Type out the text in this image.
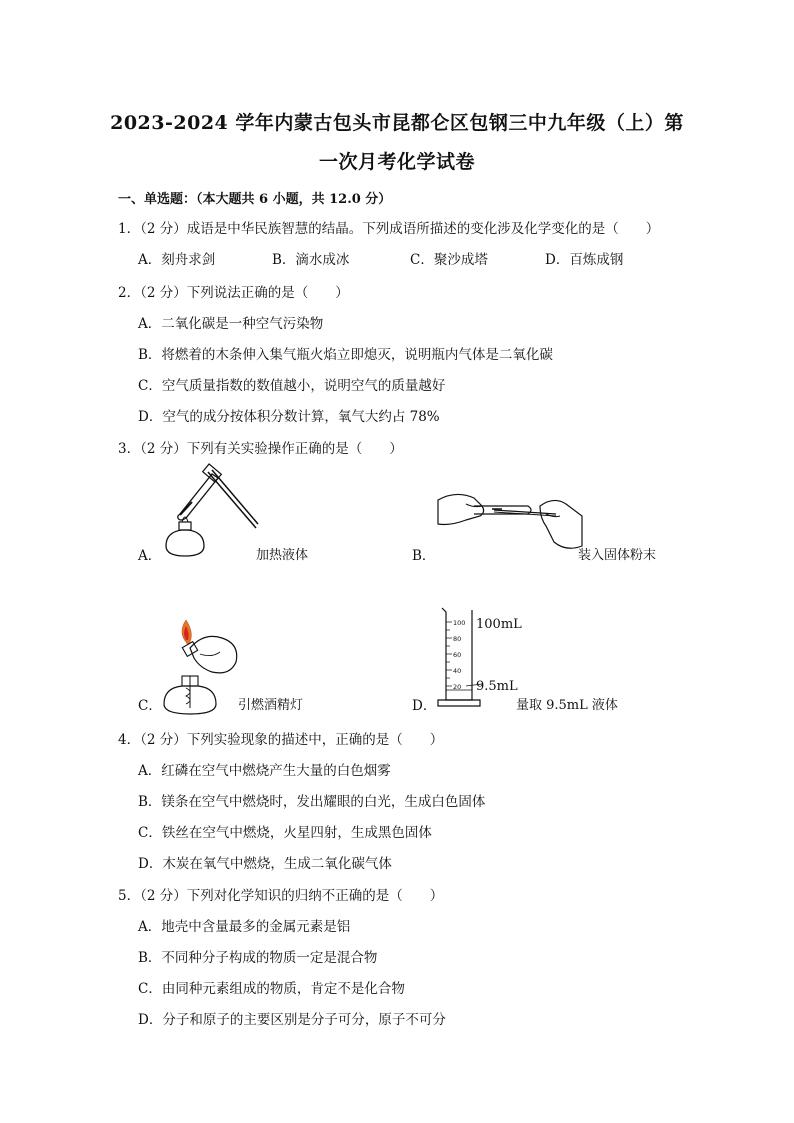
2023-2024 学年内蒙古包头市昆都仑区包钢三中九年级（上）第
一次月考化学试卷
一、单选题：（本大题共 6 小题，共 12.0 分）
1．（2 分）成语是中华民族智慧的结晶。下列成语所描述的变化涉及化学变化的是（　　）
A．刻舟求剑	B．滴水成冰	C．聚沙成塔	D．百炼成钢
2．（2 分）下列说法正确的是（　　）
A．二氧化碳是一种空气污染物
B．将燃着的木条伸入集气瓶火焰立即熄灭，说明瓶内气体是二氧化碳
C．空气质量指数的数值越小，说明空气的质量越好
D．空气的成分按体积分数计算，氧气大约占 78%
3．（2 分）下列有关实验操作正确的是（　　）
A．	加热液体	B．	装入固体粉末
C．	引燃酒精灯	D．
100
80
60
40
20
100mL
9.5mL
量取 9.5mL 液体
4．（2 分）下列实验现象的描述中，正确的是（　　）
A．红磷在空气中燃烧产生大量的白色烟雾
B．镁条在空气中燃烧时，发出耀眼的白光，生成白色固体
C．铁丝在空气中燃烧，火星四射，生成黑色固体
D．木炭在氧气中燃烧，生成二氧化碳气体
5．（2 分）下列对化学知识的归纳不正确的是（　　）
A．地壳中含量最多的金属元素是铝
B．不同种分子构成的物质一定是混合物
C．由同种元素组成的物质，肯定不是化合物
D．分子和原子的主要区别是分子可分，原子不可分
